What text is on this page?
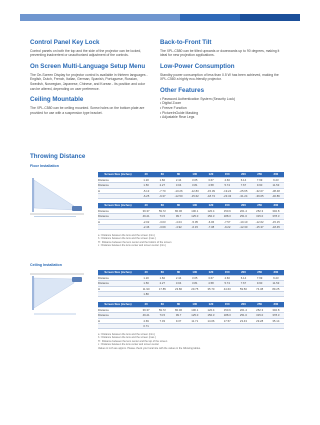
Control Panel Key Lock
Control panels on both the top and the side of the projector can be locked, preventing inadvertent or unauthorized adjustment of the controls.
On Screen Multi-Language Setup Menu
The On-Screen Display for projector control is available in thirteen languages - English, Dutch, French, Italian, German, Spanish, Portuguese, Russian, Swedish, Norwegian, Japanese, Chinese, and Korean - its position and color can be altered, depending on user preference.
Ceiling Mountable
The XPL-C580 can be ceiling mounted. Screw holes on the bottom plate are provided for use with a suspension type bracket.
Back-to-Front Tilt
The XPL-C580 can be tilted upwards or downwards up to 90 degrees, making it ideal for new projection applications.
Low-Power Consumption
Standby power consumption of less than 0.5 W has been achieved, making the XPL-C580 a highly eco-friendly projector.
Other Features
• Password Authentication System (Security Lock)
• Digital Zoom
• Freeze Function
• PictureInGuide Masking
• Adjustable Rear Legs
Throwing Distance
Floor Installation
Screen Size (inches)	40	60	80	100	120	150	200	250	300
Distance	1.20	1.82	2.44	3.05	3.67	4.60	6.14	7.69	9.23
Distance	1.50	2.27	3.04	3.81	4.58	5.74	7.67	9.60	11.53
H	-5.13	-7.70	-10.26	-12.83	-15.39	-19.24	-25.65	-32.07	-38.48
	-6.25	-9.37	-12.50	-15.62	-18.74	-23.43	-31.24	-39.05	-46.86
Screen Size (inches)	40	60	80	100	120	150	200	250	300
Distance	39.37	59.72	80.06	100.1	120.4	150.9	201.4	252.3	302.8
Distance	49.21	74.5	99.7	125.0	150.3	188.3	251.6	315.0	378.3
H	-2.02	-3.03	-4.04	-5.05	-6.06	-7.57	-10.10	-12.62	-15.15
	-2.46	-3.69	-4.92	-6.15	-7.38	-9.22	-12.30	-15.37	-18.45
a : Distance between the lens and the screen (min.)
b : Distance between the lens and the screen (max.)
H : Distance between the lens center and the bottom of the screen
c : Distance between the lens center and screen center (min.)
Ceiling Installation
Screen Size (inches)	40	60	80	100	120	150	200	250	300
Distance	1.20	1.82	2.44	3.05	3.67	4.60	6.14	7.69	9.23
Distance	1.50	2.27	3.04	3.81	4.58	5.74	7.67	9.60	11.53
H	11.90	17.85	23.80	29.75	35.70	44.63	59.50	74.38	89.25
	1.80								
Screen Size (inches)	40	60	80	100	120	150	200	250	300
Distance	39.37	59.72	80.06	100.1	120.4	150.9	201.4	252.3	302.8
Distance	49.21	74.5	99.7	125.0	150.3	188.3	251.6	315.0	378.3
H	4.69	7.03	9.37	11.71	14.06	17.57	23.43	29.28	35.14
	0.71								
a : Distance between the lens and the screen (min.)
b : Distance between the lens and the screen (max.)
H : Distance between the lens center and the top of the screen
c : Distance between the lens center and screen center
Values in inch are approx. Please check your local site with the values in the following tables.
